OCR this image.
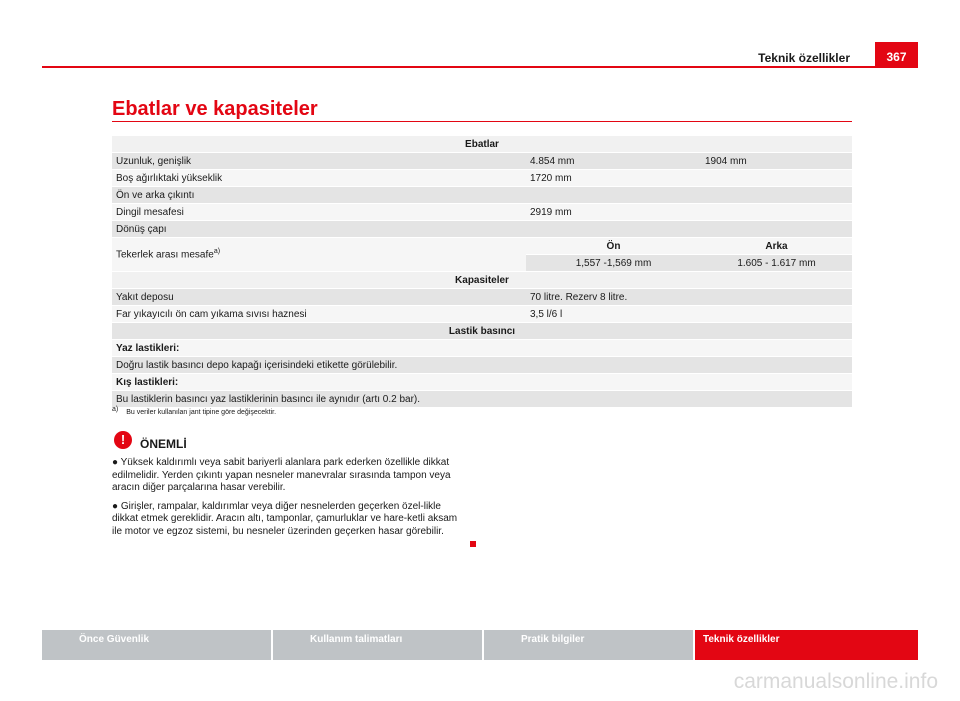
Teknik özellikler	367
Ebatlar ve kapasiteler
Ebatlar		
Uzunluk, genişlik	4.854 mm	1904 mm
Boş ağırlıktaki yükseklik	1720 mm	
Ön ve arka çıkıntı		
Dingil mesafesi	2919 mm	
Dönüş çapı		
Tekerlek arası mesafe$^{a)}$	Ön	Arka
	1,557 -1,569 mm	1.605 - 1.617 mm
Kapasiteler		
Yakıt deposu	70 litre. Rezerv 8 litre.	
Far yıkayıcılı ön cam yıkama sıvısı haznesi	3,5 l/6 l	
Lastik basıncı		
Yaz lastikleri:		
Doğru lastik basıncı depo kapağı içerisindeki etikette görülebilir.		
Kış lastikleri:		
Bu lastiklerin basıncı yaz lastiklerinin basıncı ile aynıdır (artı 0.2 bar).		
$^{a)}$ Bu veriler kullanılan jant tipine göre değişecektir.
!	ÖNEMLİ

● Yüksek kaldırımlı veya sabit bariyerli alanlara park ederken özellikle dikkat edilmelidir. Yerden çıkıntı yapan nesneler manevralar sırasında tampon veya aracın diğer parçalarına hasar verebilir.

● Girişler, rampalar, kaldırımlar veya diğer nesnelerden geçerken özel-likle dikkat etmek gereklidir. Aracın altı, tamponlar, çamurluklar ve hare-ketli aksam ile motor ve egzoz sistemi, bu nesneler üzerinden geçerken hasar görebilir.

Önce Güvenlik	Kullanım talimatları	Pratik bilgiler	Teknik özellikler
carmanualsonline.info
